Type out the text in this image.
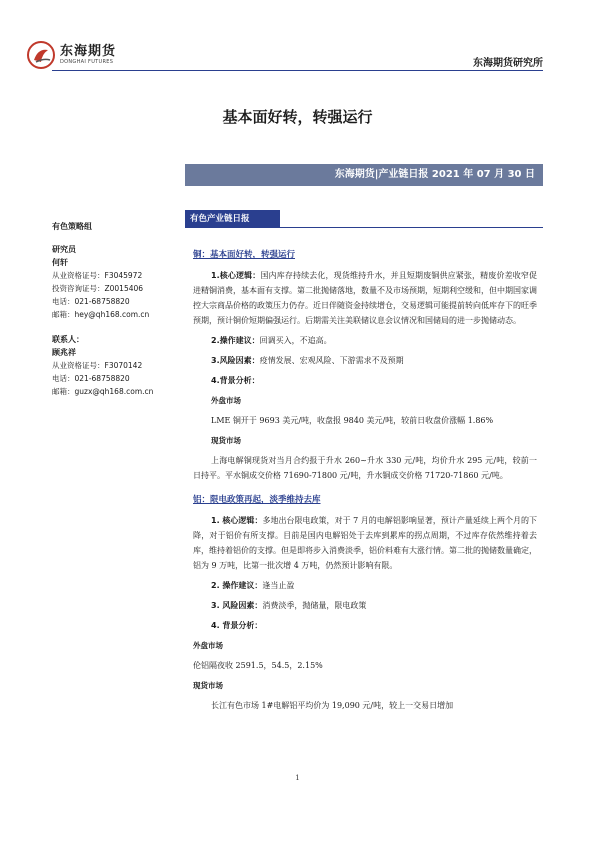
东海期货
DONGHAI FUTURES	东海期货研究所
基本面好转，转强运行
东海期货|产业链日报 2021 年 07 月 30 日
有色策略组
研究员
何轩
从业资格证号：F3045972
投资咨询证号：Z0015406
电话：021-68758820
邮箱：hey@qh168.com.cn
联系人：
顾兆祥
从业资格证号：F3070142
电话：021-68758820
邮箱：guzx@qh168.com.cn
有色产业链日报
铜：基本面好转，转强运行
1.核心逻辑：国内库存持续去化，现货维持升水，并且短期废铜供应紧张，精废价差收窄促进精铜消费，基本面有支撑。第二批抛储落地，数量不及市场预期，短期利空缓和，但中期国家调控大宗商品价格的政策压力仍存。近日伴随资金持续增仓，交易逻辑可能提前转向低库存下的旺季预期，预计铜价短期偏强运行。后期需关注美联储议息会议情况和国储局的进一步抛储动态。
2.操作建议：回调买入，不追高。
3.风险因素：疫情发展、宏观风险、下游需求不及预期
4.背景分析：
外盘市场
LME 铜开于 9693 美元/吨，收盘报 9840 美元/吨，较前日收盘价涨幅 1.86%
现货市场
上海电解铜现货对当月合约报于升水 260~升水 330 元/吨，均价升水 295 元/吨，较前一日持平。平水铜成交价格 71690-71800 元/吨，升水铜成交价格 71720-71860 元/吨。
铝：限电政策再起，淡季维持去库
1. 核心逻辑：多地出台限电政策，对于 7 月的电解铝影响显著，预计产量延续上两个月的下降，对于铝价有所支撑。目前是国内电解铝处于去库到累库的拐点周期，不过库存依然维持着去库，维持着铝价的支撑。但是即将步入消费淡季，铝价料难有大涨行情。第二批的抛储数量确定，铝为 9 万吨，比第一批次增 4 万吨，仍然预计影响有限。
2. 操作建议：逢当止盈
3. 风险因素：消费淡季，抛储量，限电政策
4. 背景分析：
外盘市场
伦铝隔夜收 2591.5，54.5，2.15%
现货市场
长江有色市场 1#电解铝平均价为 19,090 元/吨，较上一交易日增加
1
